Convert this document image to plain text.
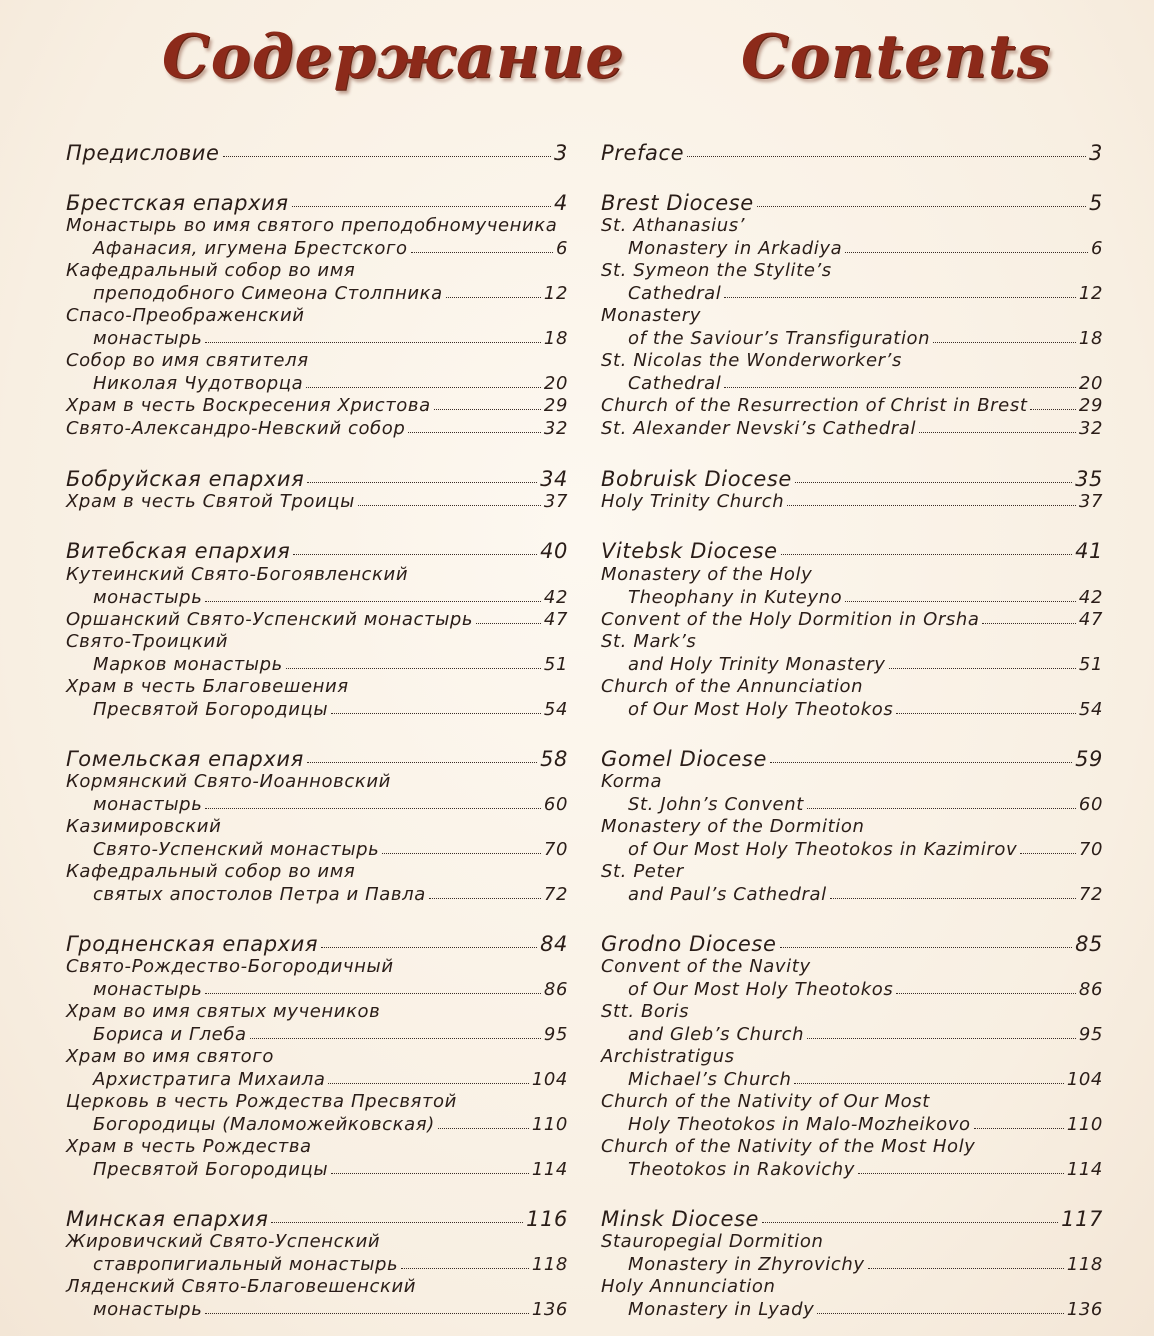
Содержание
Предисловие	3
Брестская епархия	4
Монастырь во имя святого преподобномученика
Афанасия, игумена Брестского	6
Кафедральный собор во имя
преподобного Симеона Столпника	12
Спасо-Преображенский
монастырь	18
Собор во имя святителя
Николая Чудотворца	20
Храм в честь Воскресения Христова	29
Свято-Александро-Невский собор	32
Бобруйская епархия	34
Храм в честь Святой Троицы	37
Витебская епархия	40
Кутеинский Свято-Богоявленский
монастырь	42
Оршанский Свято-Успенский монастырь	47
Свято-Троицкий
Марков монастырь	51
Храм в честь Благовешения
Пресвятой Богородицы	54
Гомельская епархия	58
Кормянский Свято-Иоанновский
монастырь	60
Казимировский
Свято-Успенский монастырь	70
Кафедральный собор во имя
святых апостолов Петра и Павла	72
Гродненская епархия	84
Свято-Рождество-Богородичный
монастырь	86
Храм во имя святых мучеников
Бориса и Глеба	95
Храм во имя святого
Архистратига Михаила	104
Церковь в честь Рождества Пресвятой
Богородицы (Маломожейковская)	110
Храм в честь Рождества
Пресвятой Богородицы	114
Минская епархия	116
Жировичский Свято-Успенский
ставропигиальный монастырь	118
Ляденский Свято-Благовешенский
монастырь	136
Contents
Preface	3
Brest Diocese	5
St. Athanasius’
Monastery in Arkadiya	6
St. Symeon the Stylite’s
Cathedral	12
Monastery
of the Saviour’s Transfiguration	18
St. Nicolas the Wonderworker’s
Cathedral	20
Church of the Resurrection of Christ in Brest	29
St. Alexander Nevski’s Cathedral	32
Bobruisk Diocese	35
Holy Trinity Church	37
Vitebsk Diocese	41
Monastery of the Holy
Theophany in Kuteyno	42
Convent of the Holy Dormition in Orsha	47
St. Mark’s
and Holy Trinity Monastery	51
Church of the Annunciation
of Our Most Holy Theotokos	54
Gomel Diocese	59
Korma
St. John’s Convent	60
Monastery of the Dormition
of Our Most Holy Theotokos in Kazimirov	70
St. Peter
and Paul’s Cathedral	72
Grodno Diocese	85
Convent of the Navity
of Our Most Holy Theotokos	86
Stt. Boris
and Gleb’s Church	95
Archistratigus
Michael’s Church	104
Church of the Nativity of Our Most
Holy Theotokos in Malo-Mozheikovo	110
Church of the Nativity of the Most Holy
Theotokos in Rakovichy	114
Minsk Diocese	117
Stauropegial Dormition
Monastery in Zhyrovichy	118
Holy Annunciation
Monastery in Lyady	136
